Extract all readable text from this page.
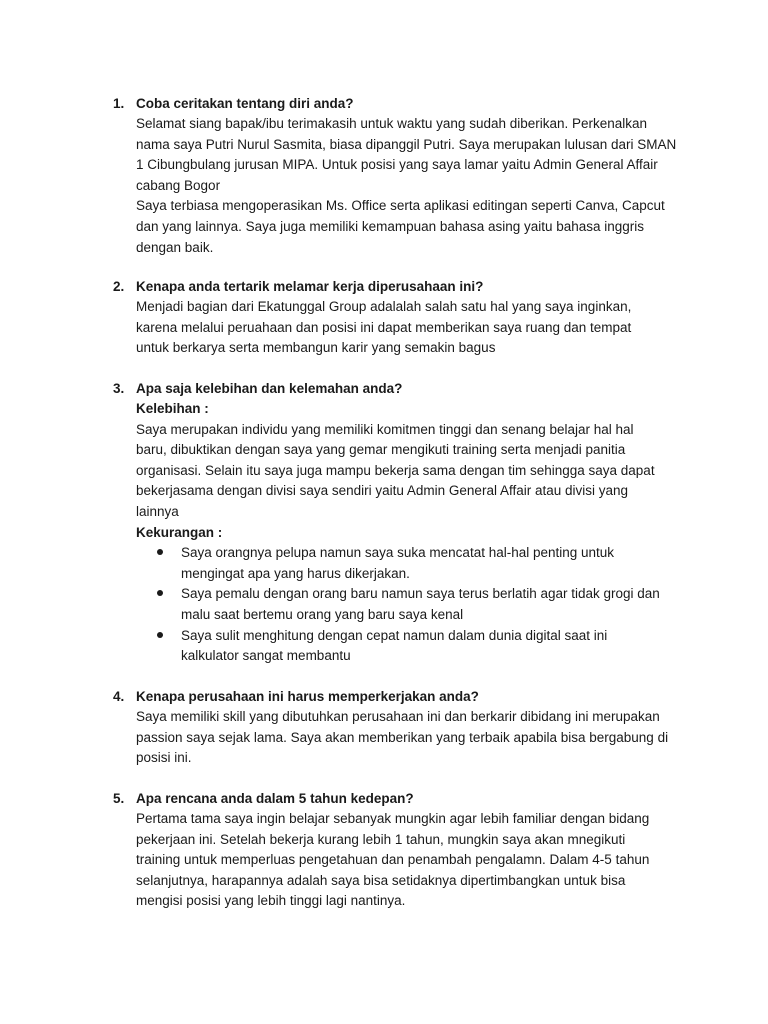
1. Coba ceritakan tentang diri anda?
Selamat siang bapak/ibu terimakasih untuk waktu yang sudah diberikan. Perkenalkan
nama saya Putri Nurul Sasmita, biasa dipanggil Putri. Saya merupakan lulusan dari SMAN
1 Cibungbulang jurusan MIPA. Untuk posisi yang saya lamar yaitu Admin General Affair
cabang Bogor
Saya terbiasa mengoperasikan Ms. Office serta aplikasi editingan seperti Canva, Capcut
dan yang lainnya. Saya juga memiliki kemampuan bahasa asing yaitu bahasa inggris
dengan baik.
2. Kenapa anda tertarik melamar kerja diperusahaan ini?
Menjadi bagian dari Ekatunggal Group adalalah salah satu hal yang saya inginkan,
karena melalui peruahaan dan posisi ini dapat memberikan saya ruang dan tempat
untuk berkarya serta membangun karir yang semakin bagus
3. Apa saja kelebihan dan kelemahan anda?
Kelebihan :
Saya merupakan individu yang memiliki komitmen tinggi dan senang belajar hal hal
baru, dibuktikan dengan saya yang gemar mengikuti training serta menjadi panitia
organisasi. Selain itu saya juga mampu bekerja sama dengan tim sehingga saya dapat
bekerjasama dengan divisi saya sendiri yaitu Admin General Affair atau divisi yang
lainnya
Kekurangan :
Saya orangnya pelupa namun saya suka mencatat hal-hal penting untuk
mengingat apa yang harus dikerjakan.
Saya pemalu dengan orang baru namun saya terus berlatih agar tidak grogi dan
malu saat bertemu orang yang baru saya kenal
Saya sulit menghitung dengan cepat namun dalam dunia digital saat ini
kalkulator sangat membantu
4. Kenapa perusahaan ini harus memperkerjakan anda?
Saya memiliki skill yang dibutuhkan perusahaan ini dan berkarir dibidang ini merupakan
passion saya sejak lama. Saya akan memberikan yang terbaik apabila bisa bergabung di
posisi ini.
5. Apa rencana anda dalam 5 tahun kedepan?
Pertama tama saya ingin belajar sebanyak mungkin agar lebih familiar dengan bidang
pekerjaan ini. Setelah bekerja kurang lebih 1 tahun, mungkin saya akan mnegikuti
training untuk memperluas pengetahuan dan penambah pengalamn. Dalam 4-5 tahun
selanjutnya, harapannya adalah saya bisa setidaknya dipertimbangkan untuk bisa
mengisi posisi yang lebih tinggi lagi nantinya.
